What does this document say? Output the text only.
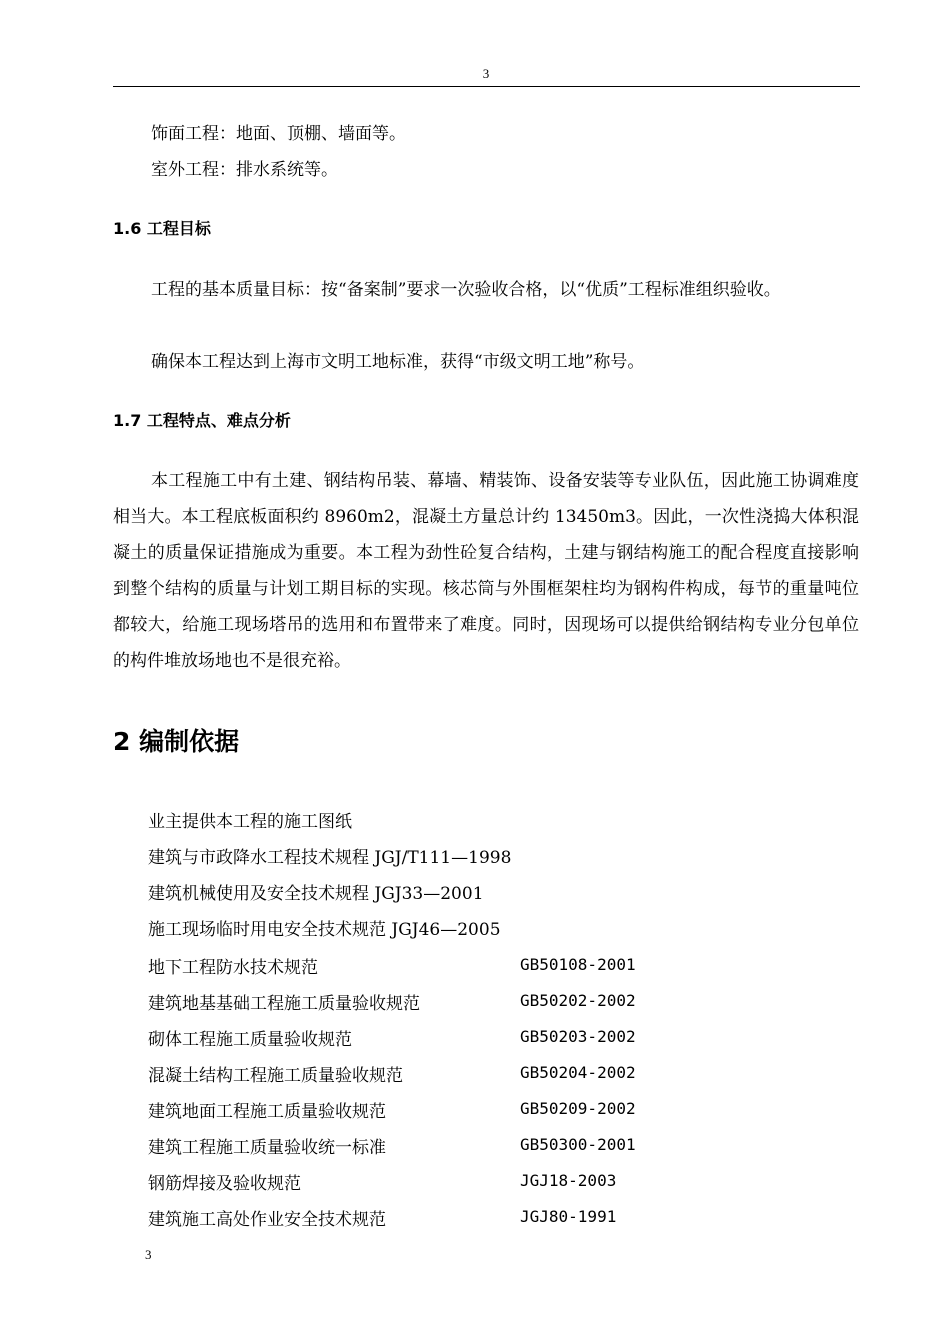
3
饰面工程：地面、顶棚、墙面等。
室外工程：排水系统等。
1.6 工程目标
工程的基本质量目标：按“备案制”要求一次验收合格，以“优质”工程标准组织验收。
确保本工程达到上海市文明工地标准，获得“市级文明工地”称号。
1.7 工程特点、难点分析
本工程施工中有土建、钢结构吊装、幕墙、精装饰、设备安装等专业队伍，因此施工协调难度相当大。本工程底板面积约 8960m2，混凝土方量总计约 13450m3。因此，一次性浇捣大体积混凝土的质量保证措施成为重要。本工程为劲性砼复合结构，土建与钢结构施工的配合程度直接影响到整个结构的质量与计划工期目标的实现。核芯筒与外围框架柱均为钢构件构成，每节的重量吨位都较大，给施工现场塔吊的选用和布置带来了难度。同时，因现场可以提供给钢结构专业分包单位的构件堆放场地也不是很充裕。
2 编制依据
业主提供本工程的施工图纸
建筑与市政降水工程技术规程 JGJ/T111—1998
建筑机械使用及安全技术规程 JGJ33—2001
施工现场临时用电安全技术规范 JGJ46—2005
地下工程防水技术规范	GB50108-2001
建筑地基基础工程施工质量验收规范	GB50202-2002
砌体工程施工质量验收规范	GB50203-2002
混凝土结构工程施工质量验收规范	GB50204-2002
建筑地面工程施工质量验收规范	GB50209-2002
建筑工程施工质量验收统一标准	GB50300-2001
钢筋焊接及验收规范	JGJ18-2003
建筑施工高处作业安全技术规范	JGJ80-1991
3
